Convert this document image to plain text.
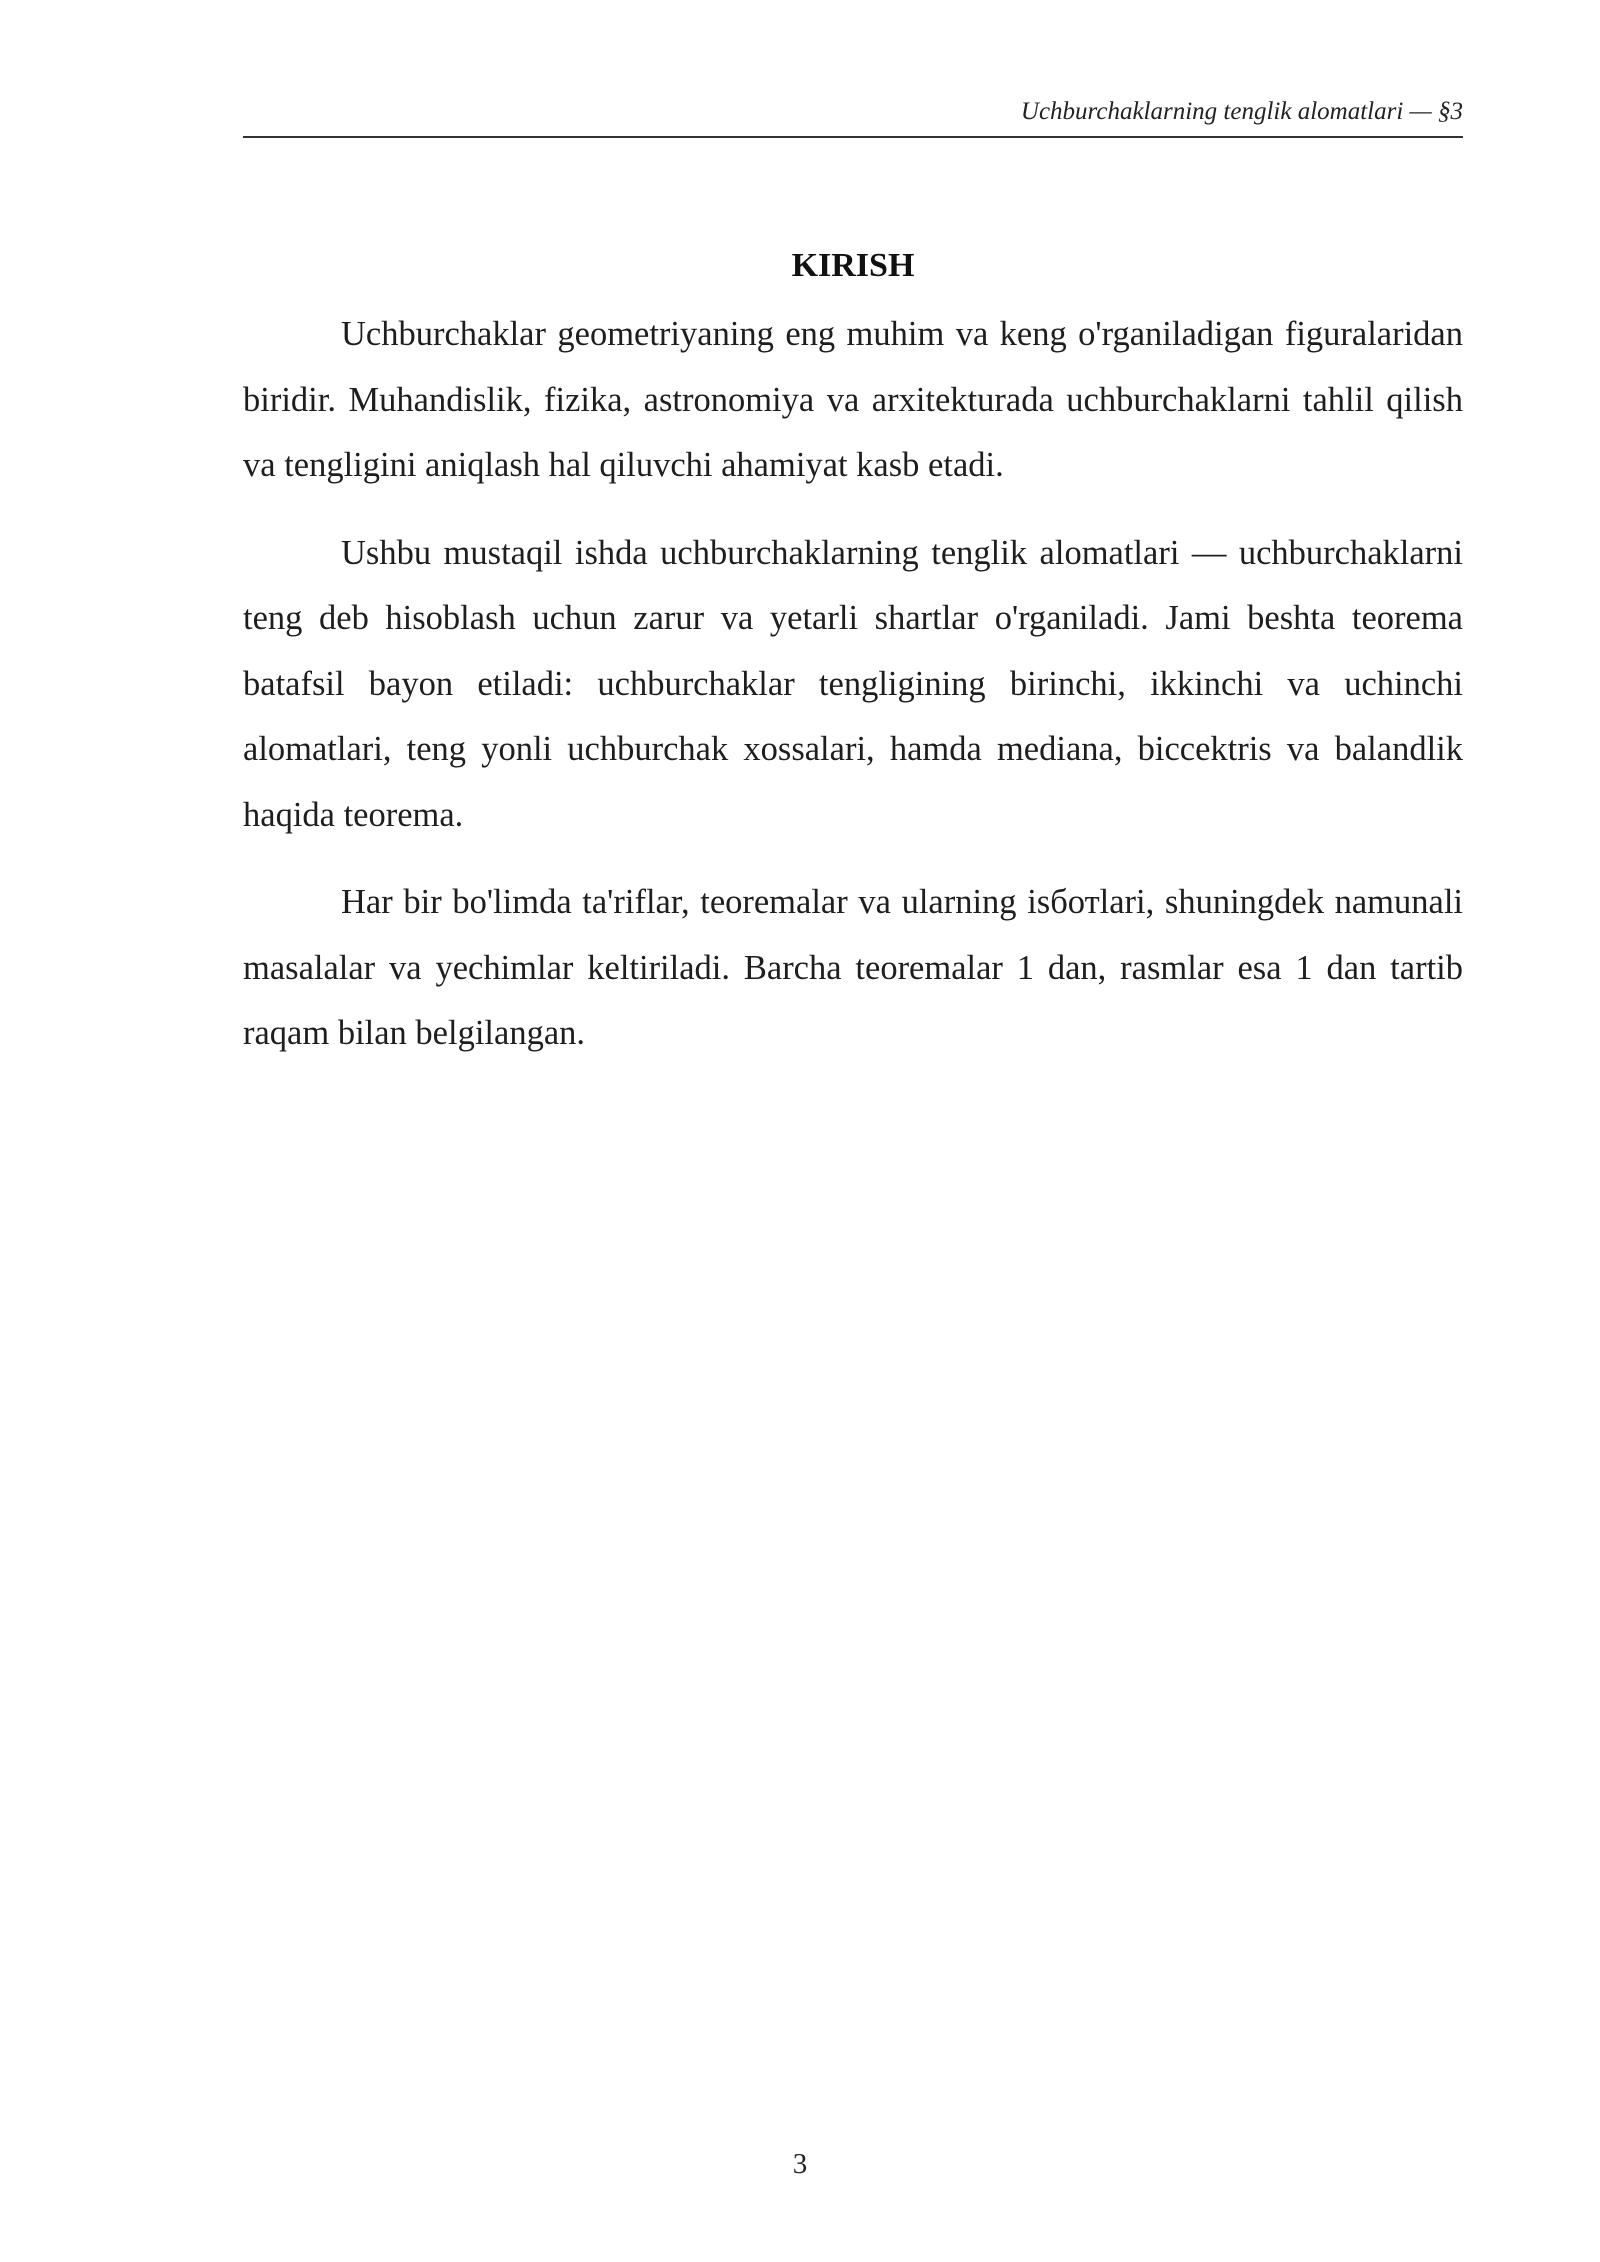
Uchburchaklarning tenglik alomatlari — §3
KIRISH

Uchburchaklar geometriyaning eng muhim va keng o'rganiladigan figuralaridan biridir. Muhandislik, fizika, astronomiya va arxitekturada uchburchaklarni tahlil qilish va tengligini aniqlash hal qiluvchi ahamiyat kasb etadi.

Ushbu mustaqil ishda uchburchaklarning tenglik alomatlari — uchburchaklarni teng deb hisoblash uchun zarur va yetarli shartlar o'rganiladi. Jami beshta teorema batafsil bayon etiladi: uchburchaklar tengligining birinchi, ikkinchi va uchinchi alomatlari, teng yonli uchburchak xossalari, hamda mediana, biccektris va balandlik haqida teorema.

Har bir bo'limda ta'riflar, teoremalar va ularning isботlari, shuningdek namunali masalalar va yechimlar keltiriladi. Barcha teoremalar 1 dan, rasmlar esa 1 dan tartib raqam bilan belgilangan.

3
